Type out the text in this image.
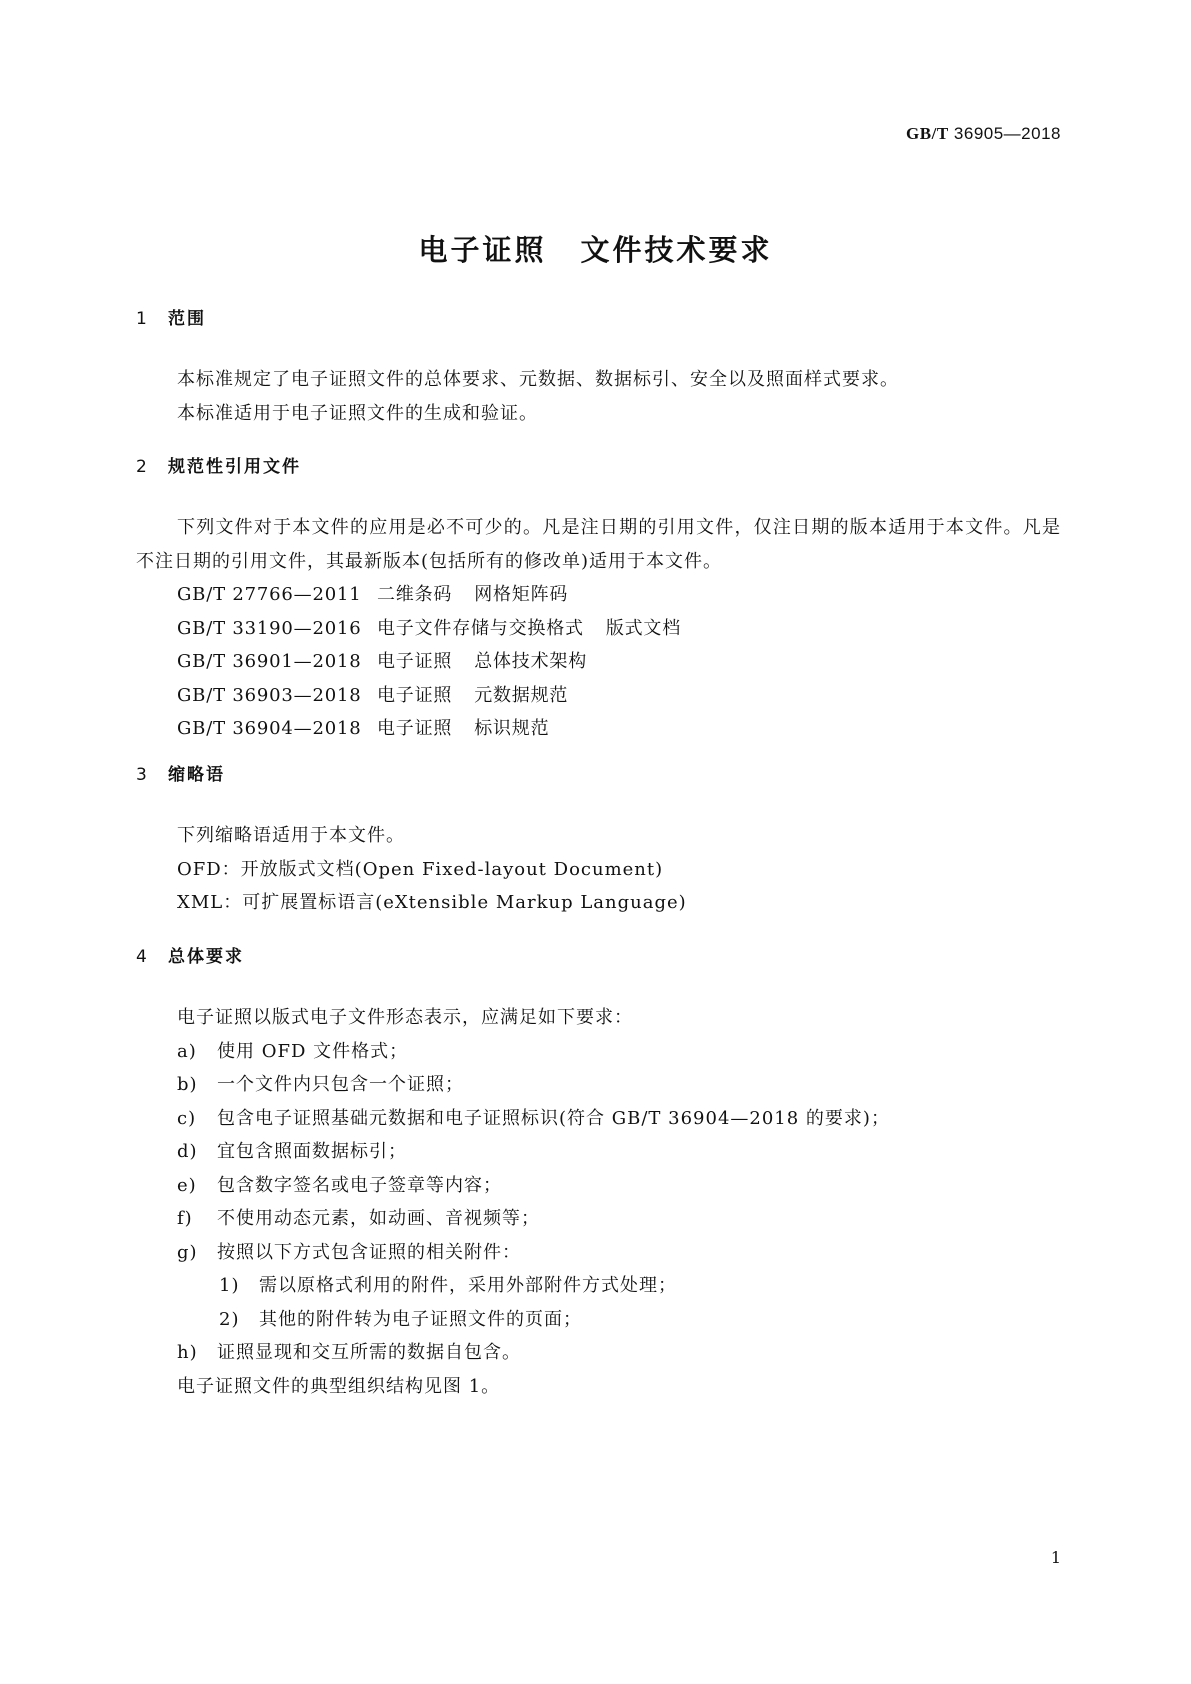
GB/T 36905—2018
电子证照 文件技术要求
1 范围
本标准规定了电子证照文件的总体要求、元数据、数据标引、安全以及照面样式要求。
本标准适用于电子证照文件的生成和验证。
2 规范性引用文件
下列文件对于本文件的应用是必不可少的。凡是注日期的引用文件，仅注日期的版本适用于本文件。凡是不注日期的引用文件，其最新版本(包括所有的修改单)适用于本文件。
GB/T 27766—2011 二维条码 网格矩阵码
GB/T 33190—2016 电子文件存储与交换格式 版式文档
GB/T 36901—2018 电子证照 总体技术架构
GB/T 36903—2018 电子证照 元数据规范
GB/T 36904—2018 电子证照 标识规范
3 缩略语
下列缩略语适用于本文件。
OFD：开放版式文档(Open Fixed-layout Document)
XML：可扩展置标语言(eXtensible Markup Language)
4 总体要求
电子证照以版式电子文件形态表示，应满足如下要求：
a) 使用 OFD 文件格式；
b) 一个文件内只包含一个证照；
c) 包含电子证照基础元数据和电子证照标识(符合 GB/T 36904—2018 的要求)；
d) 宜包含照面数据标引；
e) 包含数字签名或电子签章等内容；
f) 不使用动态元素，如动画、音视频等；
g) 按照以下方式包含证照的相关附件：
1) 需以原格式利用的附件，采用外部附件方式处理；
2) 其他的附件转为电子证照文件的页面；
h) 证照显现和交互所需的数据自包含。
电子证照文件的典型组织结构见图 1。
1
